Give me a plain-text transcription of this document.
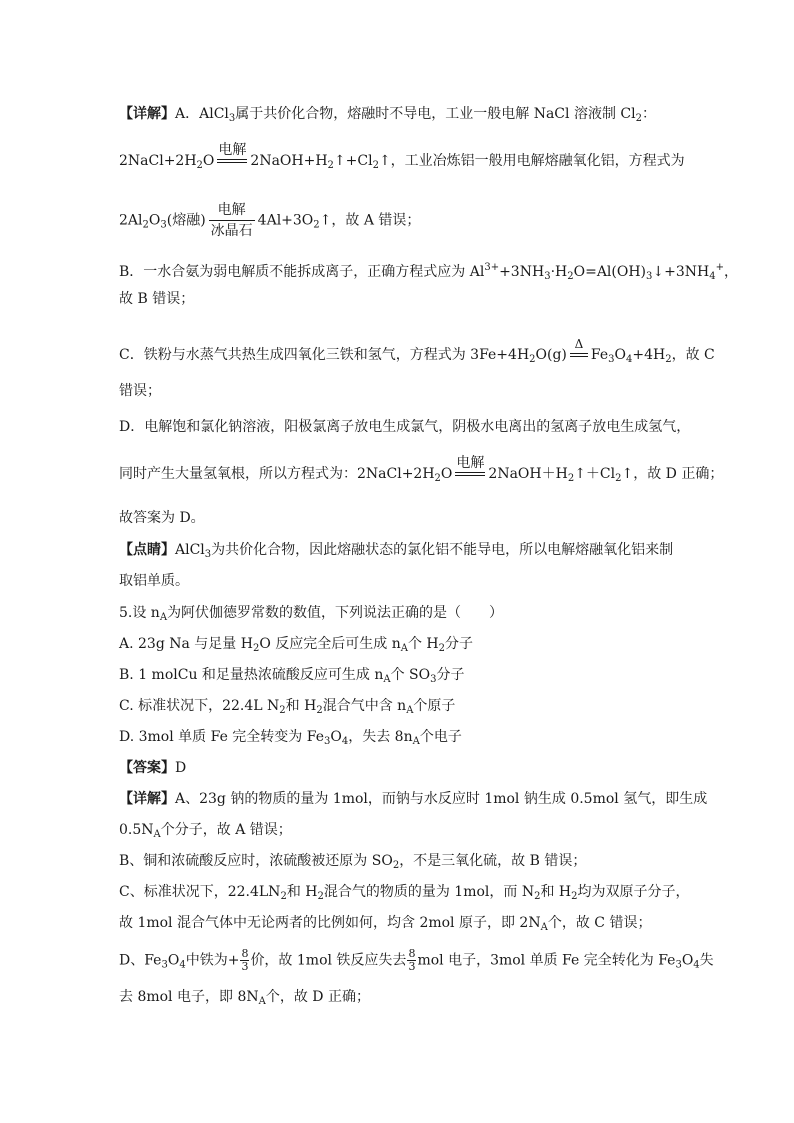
【详解】A．AlCl$_3$属于共价化合物，熔融时不导电，工业一般电解 NaCl 溶液制 $Cl_2$：
$2NaCl+2H_2O$
电解

$2NaOH+H_2↑+Cl_2↑$，工业冶炼铝一般用电解熔融氧化铝，方程式为
$2Al_2O_3$(熔融)
电解
冰晶石
$4Al+3O_2↑$，故 A 错误；
B．一水合氨为弱电解质不能拆成离子，正确方程式应为 $Al^{3+}+3NH_3\cdot H_2O=Al(OH)_3↓+3NH_4^+$，
故 B 错误；
C．铁粉与水蒸气共热生成四氧化三铁和氢气，方程式为 $3Fe+4H_2O(g)$
Δ

$Fe_3O_4+4H_2$，故 C
错误；
D．电解饱和氯化钠溶液，阳极氯离子放电生成氯气，阴极水电离出的氢离子放电生成氢气，
同时产生大量氢氧根，所以方程式为：$2NaCl+2H_2O$
电解

$2NaOH+H_2↑+Cl_2↑$，故 D 正确；
故答案为 D。
【点睛】AlCl$_3$为共价化合物，因此熔融状态的氯化铝不能导电，所以电解熔融氧化铝来制
取铝单质。
5.设 $n_A$为阿伏伽德罗常数的数值，下列说法正确的是（　　）
A. 23g Na 与足量 $H_2O$ 反应完全后可生成 $n_A$个 $H_2$分子
B. 1 molCu 和足量热浓硫酸反应可生成 $n_A$个 $SO_3$分子
C. 标准状况下，22.4L $N_2$和 $H_2$混合气中含 $n_A$个原子
D. 3mol 单质 Fe 完全转变为 $Fe_3O_4$，失去 $8n_A$个电子
【答案】D
【详解】A、23g 钠的物质的量为 1mol，而钠与水反应时 1mol 钠生成 0.5mol 氢气，即生成
$0.5N_A$个分子，故 A 错误；
B、铜和浓硫酸反应时，浓硫酸被还原为 $SO_2$，不是三氧化硫，故 B 错误；
C、标准状况下，$22.4LN_2$和 $H_2$混合气的物质的量为 1mol，而 $N_2$和 $H_2$均为双原子分子，
故 1mol 混合气体中无论两者的比例如何，均含 2mol 原子，即 $2N_A$个，故 C 错误；
D、$Fe_3O_4$中铁为+ $\frac{8}{3}$ 价，故 1mol 铁反应失去 $\frac{8}{3}$ mol 电子，3mol 单质 Fe 完全转化为 $Fe_3O_4$失
去 8mol 电子，即 $8N_A$个，故 D 正确；
